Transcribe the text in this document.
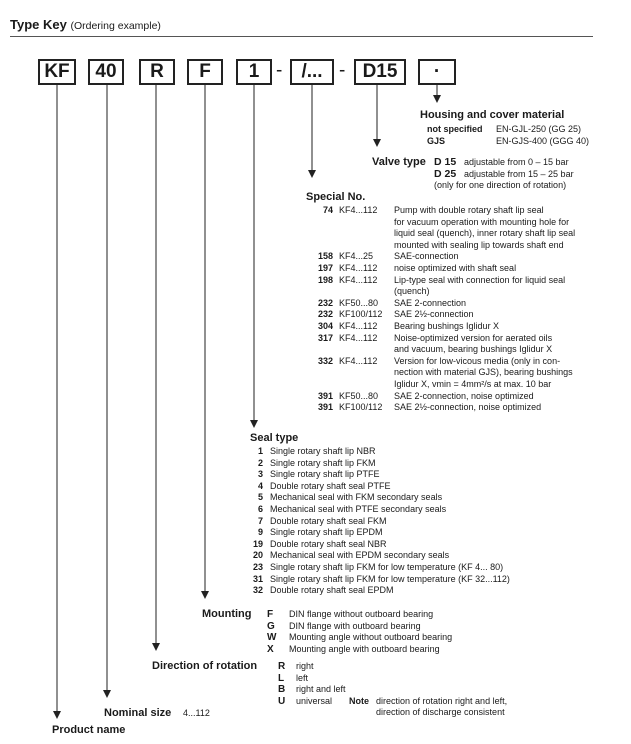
Type Key (Ordering example)
KF 40 R F 1 - /... - D15 ·
Housing and cover material
not specified EN-GJL-250 (GG 25)
GJS	EN-GJS-400 (GGG 40)
Valve type D 15 adjustable from 0 – 15 bar
D 25 adjustable from 15 – 25 bar
(only for one direction of rotation)
Special No.
74 KF4...112 Pump with double rotary shaft lip seal
for vacuum operation with mounting hole for
liquid seal (quench), inner rotary shaft lip seal
mounted with sealing lip towards shaft end
158 KF4...25 SAE-connection
197 KF4...112 noise optimized with shaft seal
198 KF4...112 Lip-type seal with connection for liquid seal
(quench)
232 KF50...80 SAE 2-connection
232 KF100/112 SAE 2½-connection
304 KF4...112 Bearing bushings Iglidur X
317 KF4...112 Noise-optimized version for aerated oils
and vacuum, bearing bushings Iglidur X
332 KF4...112 Version for low-vicous media (only in con-
nection with material GJS), bearing bushings
Iglidur X, vmin = 4mm²/s at max. 10 bar
391 KF50...80 SAE 2-connection, noise optimized
391 KF100/112 SAE 2½-connection, noise optimized
Seal type
1 Single rotary shaft lip NBR
2 Single rotary shaft lip FKM
3 Single rotary shaft lip PTFE
4 Double rotary shaft seal PTFE
5 Mechanical seal with FKM secondary seals
6 Mechanical seal with PTFE secondary seals
7 Double rotary shaft seal FKM
9 Single rotary shaft lip EPDM
19 Double rotary shaft seal NBR
20 Mechanical seal with EPDM secondary seals
23 Single rotary shaft lip FKM for low temperature (KF 4... 80)
31 Single rotary shaft lip FKM for low temperature (KF 32...112)
32 Double rotary shaft seal EPDM
Mounting F DIN flange without outboard bearing
G DIN flange with outboard bearing
W Mounting angle without outboard bearing
X Mounting angle with outboard bearing
Direction of rotation R right
L left
B right and left
U universal Note direction of rotation right and left,
direction of discharge consistent
Nominal size 4...112
Product name
